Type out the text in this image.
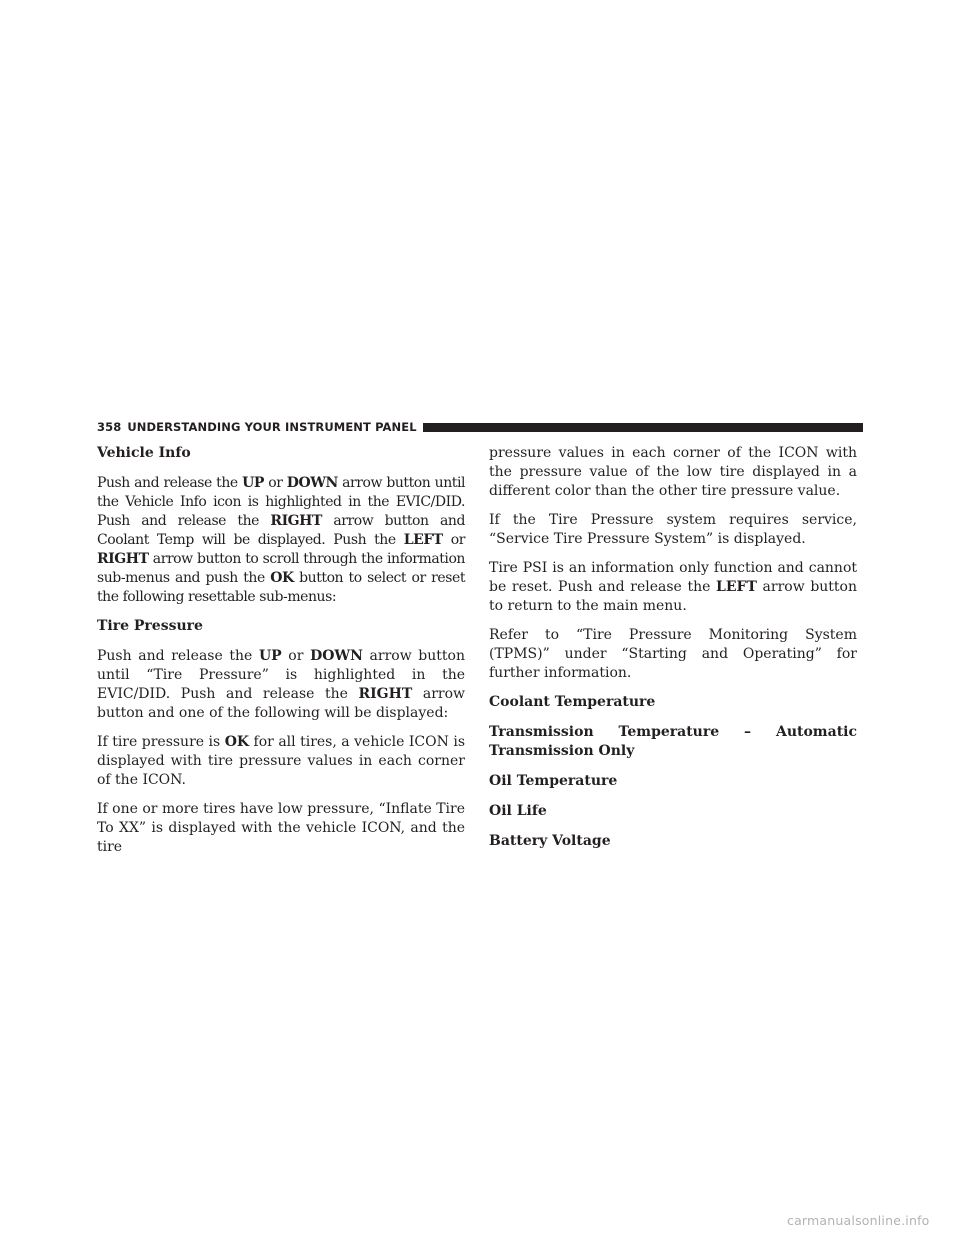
358 UNDERSTANDING YOUR INSTRUMENT PANEL

Vehicle Info

Push and release the UP or DOWN arrow button until the Vehicle Info icon is highlighted in the EVIC/DID. Push and release the RIGHT arrow button and Coolant Temp will be displayed. Push the LEFT or RIGHT arrow button to scroll through the information sub-menus and push the OK button to select or reset the following resettable sub-menus:

Tire Pressure

Push and release the UP or DOWN arrow button until “Tire Pressure” is highlighted in the EVIC/DID. Push and release the RIGHT arrow button and one of the following will be displayed:

If tire pressure is OK for all tires, a vehicle ICON is displayed with tire pressure values in each corner of the ICON.

If one or more tires have low pressure, “Inflate Tire To XX” is displayed with the vehicle ICON, and the tire

pressure values in each corner of the ICON with the pressure value of the low tire displayed in a different color than the other tire pressure value.

If the Tire Pressure system requires service, “Service Tire Pressure System” is displayed.

Tire PSI is an information only function and cannot be reset. Push and release the LEFT arrow button to return to the main menu.

Refer to “Tire Pressure Monitoring System (TPMS)” under “Starting and Operating” for further information.

Coolant Temperature

Transmission Temperature – Automatic Transmission Only

Oil Temperature

Oil Life

Battery Voltage

carmanualsonline.info
